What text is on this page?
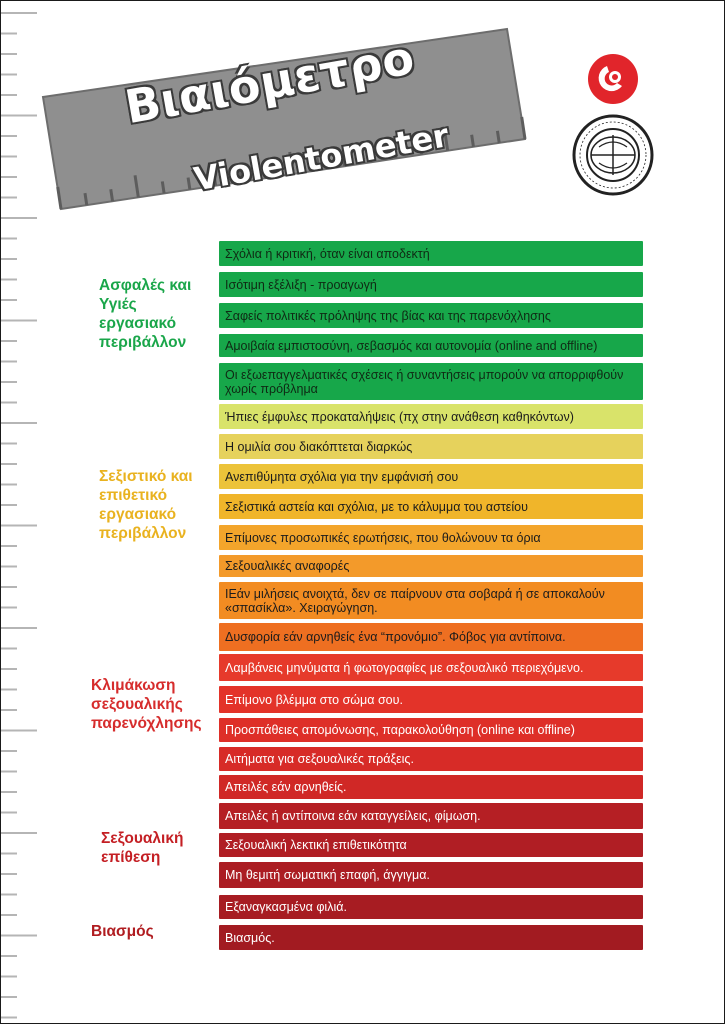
Βιαιόμετρο
Violentometer
Ασφαλές και
Υγιές
εργασιακό
περιβάλλον
Σεξιστικό και
επιθετικό
εργασιακό
περιβάλλον
Κλιμάκωση
σεξουαλικής
παρενόχλησης
Σεξουαλική
επίθεση
Βιασμός
Σχόλια ή κριτική, όταν είναι αποδεκτή
Ισότιμη εξέλιξη - προαγωγή
Σαφείς πολιτικές πρόληψης της βίας και της παρενόχλησης
Αμοιβαία εμπιστοσύνη, σεβασμός και αυτονομία (online and offline)
Οι εξωεπαγγελματικές σχέσεις ή συναντήσεις μπορούν να απορριφθούν χωρίς πρόβλημα
Ήπιες έμφυλες προκαταλήψεις (πχ στην ανάθεση καθηκόντων)
Η ομιλία σου διακόπτεται διαρκώς
Ανεπιθύμητα σχόλια για την εμφάνισή σου
Σεξιστικά αστεία και σχόλια, με το κάλυμμα του αστείου
Επίμονες προσωπικές ερωτήσεις, που θολώνουν τα όρια
Σεξουαλικές αναφορές
ΙΕάν μιλήσεις ανοιχτά, δεν σε παίρνουν στα σοβαρά ή σε αποκαλούν «σπασίκλα». Χειραγώγηση.
Δυσφορία εάν αρνηθείς ένα “προνόμιο”. Φόβος για αντίποινα.
Λαμβάνεις μηνύματα ή φωτογραφίες με σεξουαλικό περιεχόμενο.
Επίμονο βλέμμα στο σώμα σου.
Προσπάθειες απομόνωσης, παρακολούθηση (online και offline)
Αιτήματα για σεξουαλικές πράξεις.
Απειλές εάν αρνηθείς.
Απειλές ή αντίποινα εάν καταγγείλεις, φίμωση.
Σεξουαλική λεκτική επιθετικότητα
Μη θεμιτή σωματική επαφή, άγγιγμα.
Εξαναγκασμένα φιλιά.
Βιασμός.
